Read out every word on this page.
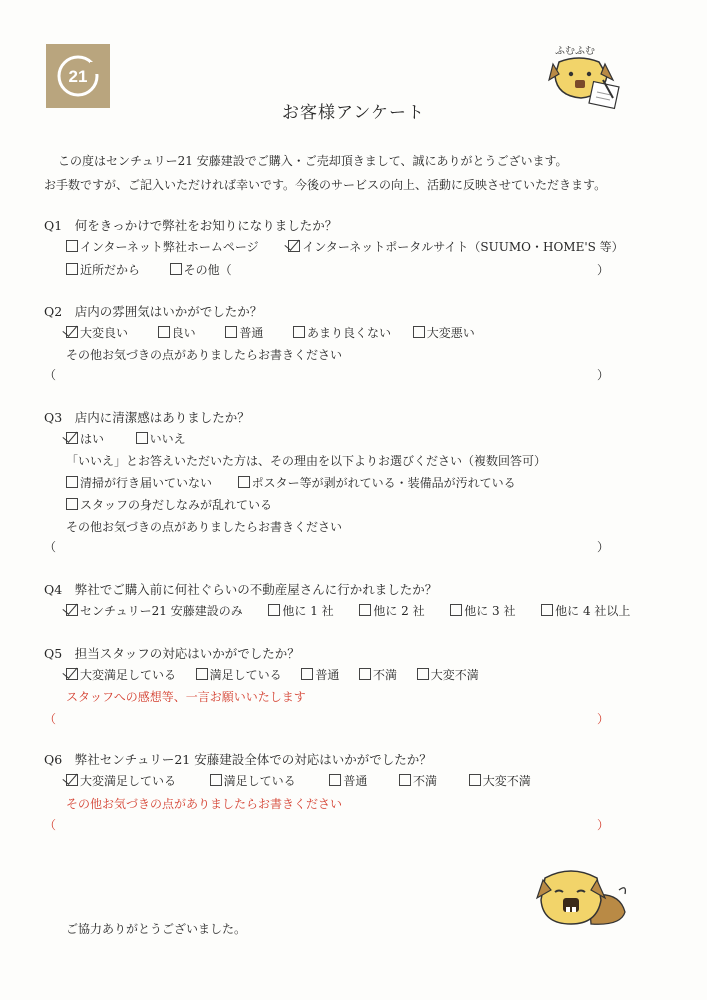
21
ふむふむ
お客様アンケート
この度はセンチュリー21 安藤建設でご購入・ご売却頂きまして、誠にありがとうございます。
お手数ですが、ご記入いただければ幸いです。今後のサービスの向上、活動に反映させていただきます。
Q1　何をきっかけで弊社をお知りになりましたか？
インターネット弊社ホームページ	インターネットポータルサイト（SUUMO・HOME'S 等）
近所だから	その他（	）
Q2　店内の雰囲気はいかがでしたか？
大変良い	良い	普通	あまり良くない	大変悪い
その他お気づきの点がありましたらお書きください
（	）
Q3　店内に清潔感はありましたか？
はい	いいえ
「いいえ」とお答えいただいた方は、その理由を以下よりお選びください（複数回答可）
清掃が行き届いていない	ポスター等が剥がれている・装備品が汚れている
スタッフの身だしなみが乱れている
その他お気づきの点がありましたらお書きください
（	）
Q4　弊社でご購入前に何社ぐらいの不動産屋さんに行かれましたか？
センチュリー21 安藤建設のみ	他に 1 社	他に 2 社	他に 3 社	他に 4 社以上
Q5　担当スタッフの対応はいかがでしたか？
大変満足している	満足している	普通	不満	大変不満
スタッフへの感想等、一言お願いいたします
（	）
Q6　弊社センチュリー21 安藤建設全体での対応はいかがでしたか？
大変満足している	満足している	普通	不満	大変不満
その他お気づきの点がありましたらお書きください
（	）
ご協力ありがとうございました。
